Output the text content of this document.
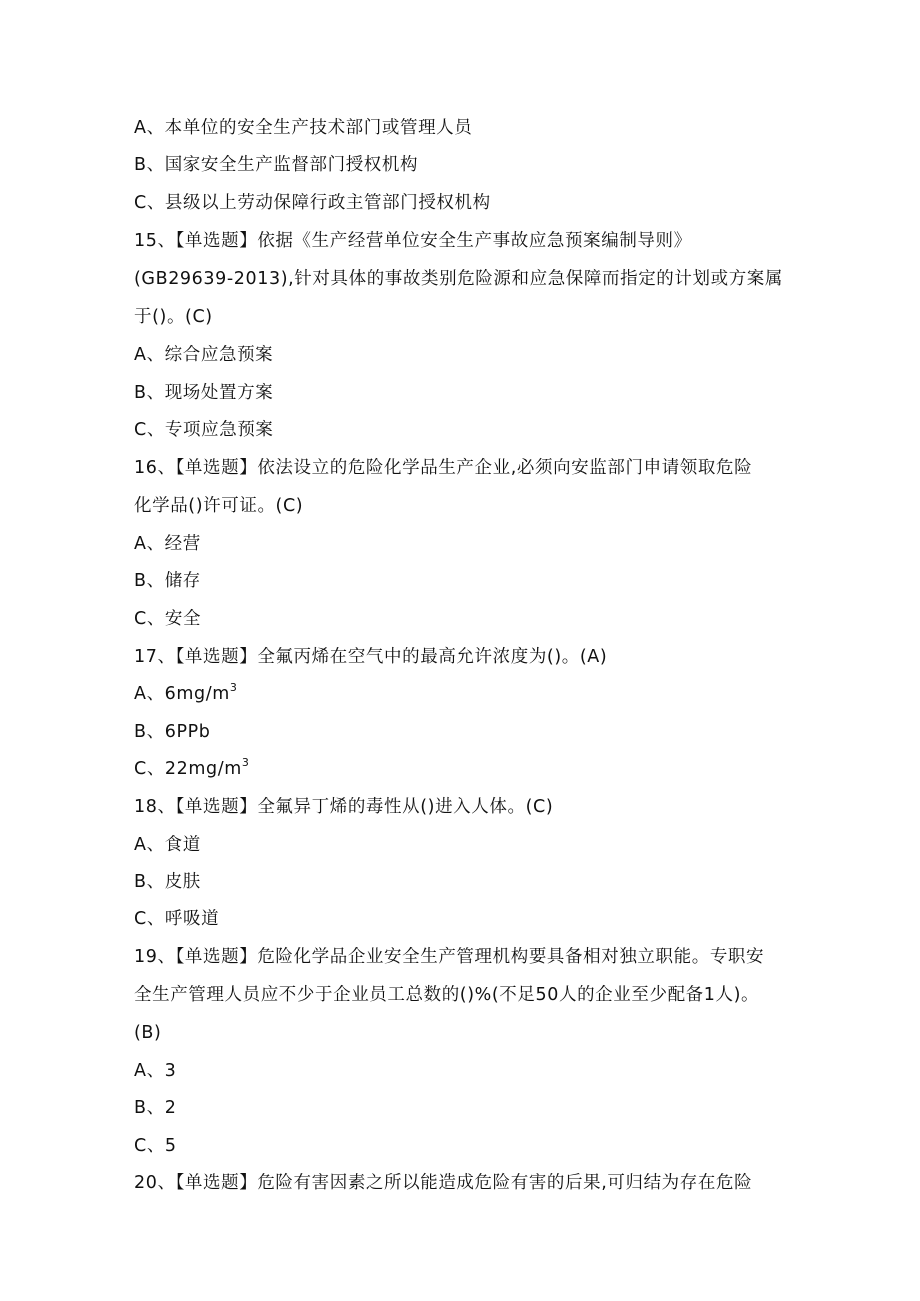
A、本单位的安全生产技术部门或管理人员
B、国家安全生产监督部门授权机构
C、县级以上劳动保障行政主管部门授权机构
15、【单选题】依据《生产经营单位安全生产事故应急预案编制导则》
(GB29639-2013),针对具体的事故类别危险源和应急保障而指定的计划或方案属
于()。(C)
A、综合应急预案
B、现场处置方案
C、专项应急预案
16、【单选题】依法设立的危险化学品生产企业,必须向安监部门申请领取危险
化学品()许可证。(C)
A、经营
B、储存
C、安全
17、【单选题】全氟丙烯在空气中的最高允许浓度为()。(A)
A、$6mg/m^3$
B、6PPb
C、$22mg/m^3$
18、【单选题】全氟异丁烯的毒性从()进入人体。(C)
A、食道
B、皮肤
C、呼吸道
19、【单选题】危险化学品企业安全生产管理机构要具备相对独立职能。专职安
全生产管理人员应不少于企业员工总数的()%(不足50人的企业至少配备1人)。
(B)
A、3
B、2
C、5
20、【单选题】危险有害因素之所以能造成危险有害的后果,可归结为存在危险
